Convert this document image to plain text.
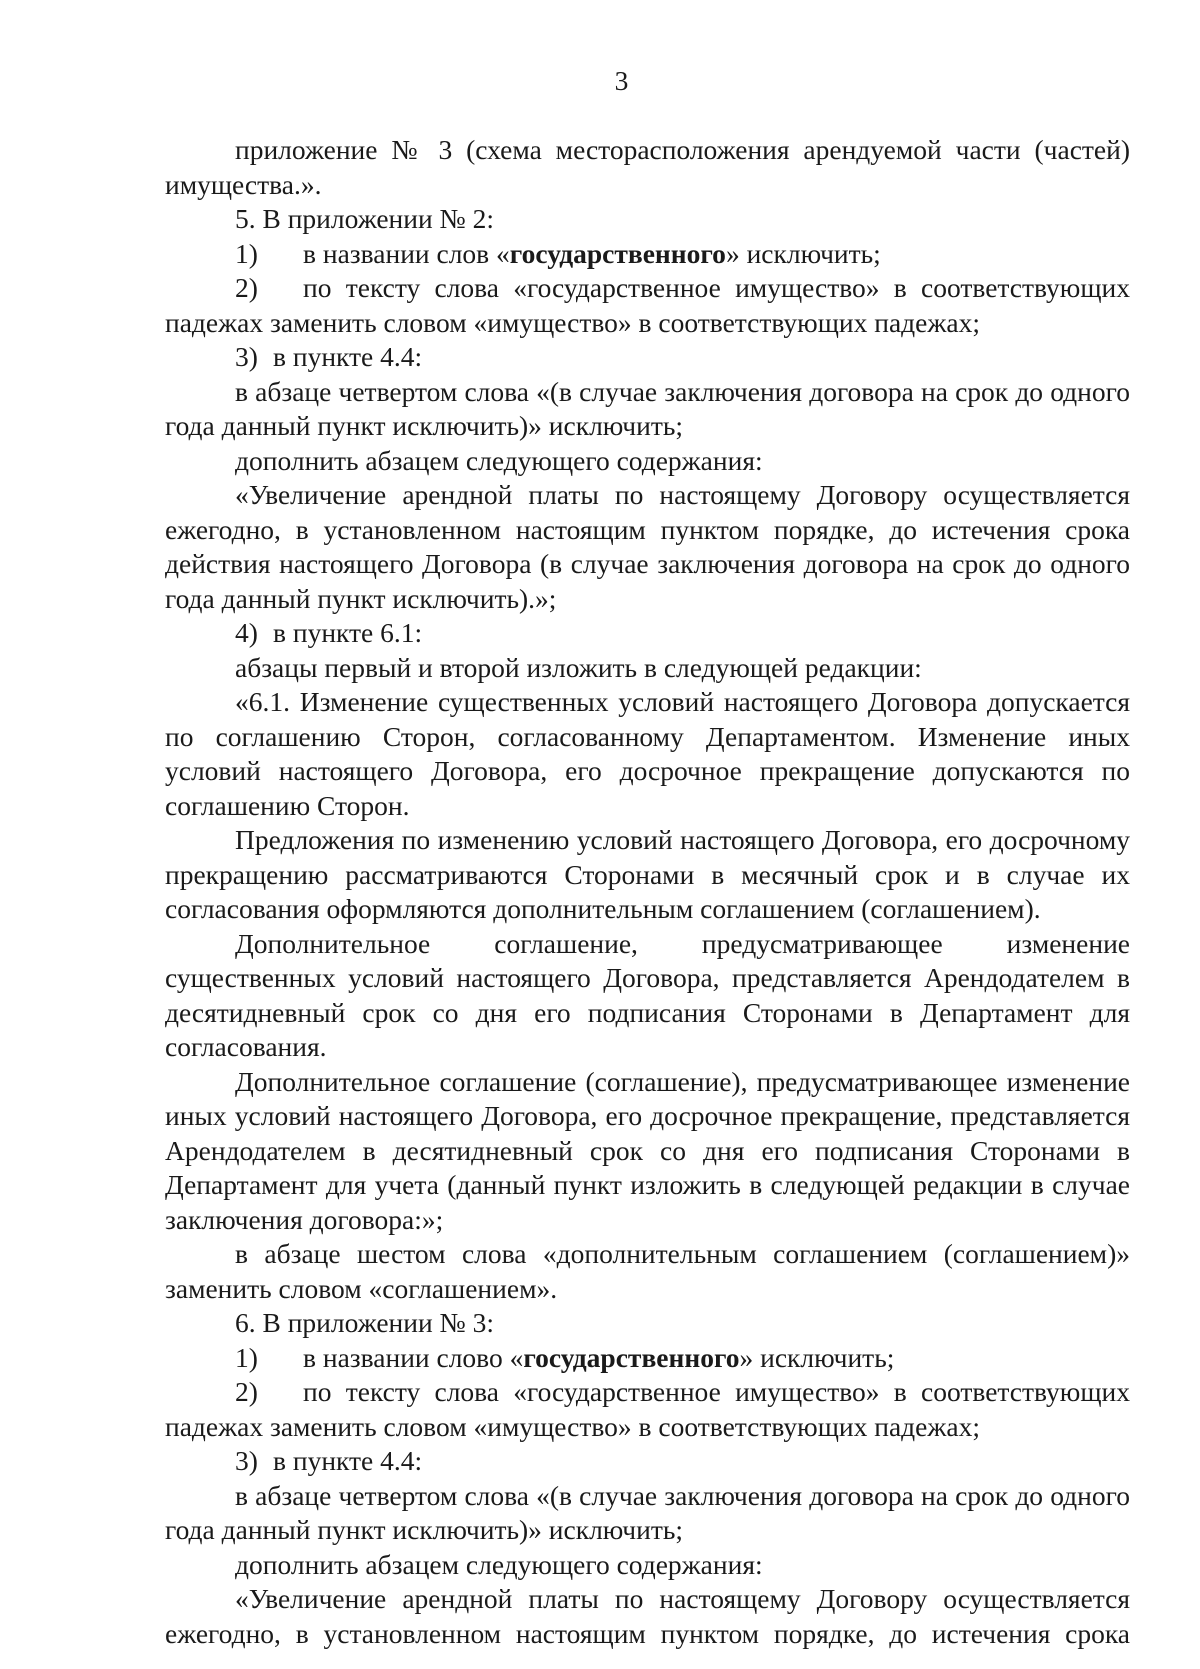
3

приложение № 3 (схема месторасположения арендуемой части (частей) имущества.».

5. В приложении № 2:

1) в названии слов «государственного» исключить;

2) по тексту слова «государственное имущество» в соответствующих падежах заменить словом «имущество» в соответствующих падежах;

3) в пункте 4.4:

в абзаце четвертом слова «(в случае заключения договора на срок до одного года данный пункт исключить)» исключить;

дополнить абзацем следующего содержания:

«Увеличение арендной платы по настоящему Договору осуществляется ежегодно, в установленном настоящим пунктом порядке, до истечения срока действия настоящего Договора (в случае заключения договора на срок до одного года данный пункт исключить).»;

4) в пункте 6.1:

абзацы первый и второй изложить в следующей редакции:

«6.1. Изменение существенных условий настоящего Договора допускается по соглашению Сторон, согласованному Департаментом. Изменение иных условий настоящего Договора, его досрочное прекращение допускаются по соглашению Сторон.

Предложения по изменению условий настоящего Договора, его досрочному прекращению рассматриваются Сторонами в месячный срок и в случае их согласования оформляются дополнительным соглашением (соглашением).

Дополнительное соглашение, предусматривающее изменение существенных условий настоящего Договора, представляется Арендодателем в десятидневный срок со дня его подписания Сторонами в Департамент для согласования.

Дополнительное соглашение (соглашение), предусматривающее изменение иных условий настоящего Договора, его досрочное прекращение, представляется Арендодателем в десятидневный срок со дня его подписания Сторонами в Департамент для учета (данный пункт изложить в следующей редакции в случае заключения договора:»;

в абзаце шестом слова «дополнительным соглашением (соглашением)» заменить словом «соглашением».

6. В приложении № 3:

1) в названии слово «государственного» исключить;

2) по тексту слова «государственное имущество» в соответствующих падежах заменить словом «имущество» в соответствующих падежах;

3) в пункте 4.4:

в абзаце четвертом слова «(в случае заключения договора на срок до одного года данный пункт исключить)» исключить;

дополнить абзацем следующего содержания:

«Увеличение арендной платы по настоящему Договору осуществляется ежегодно, в установленном настоящим пунктом порядке, до истечения срока
